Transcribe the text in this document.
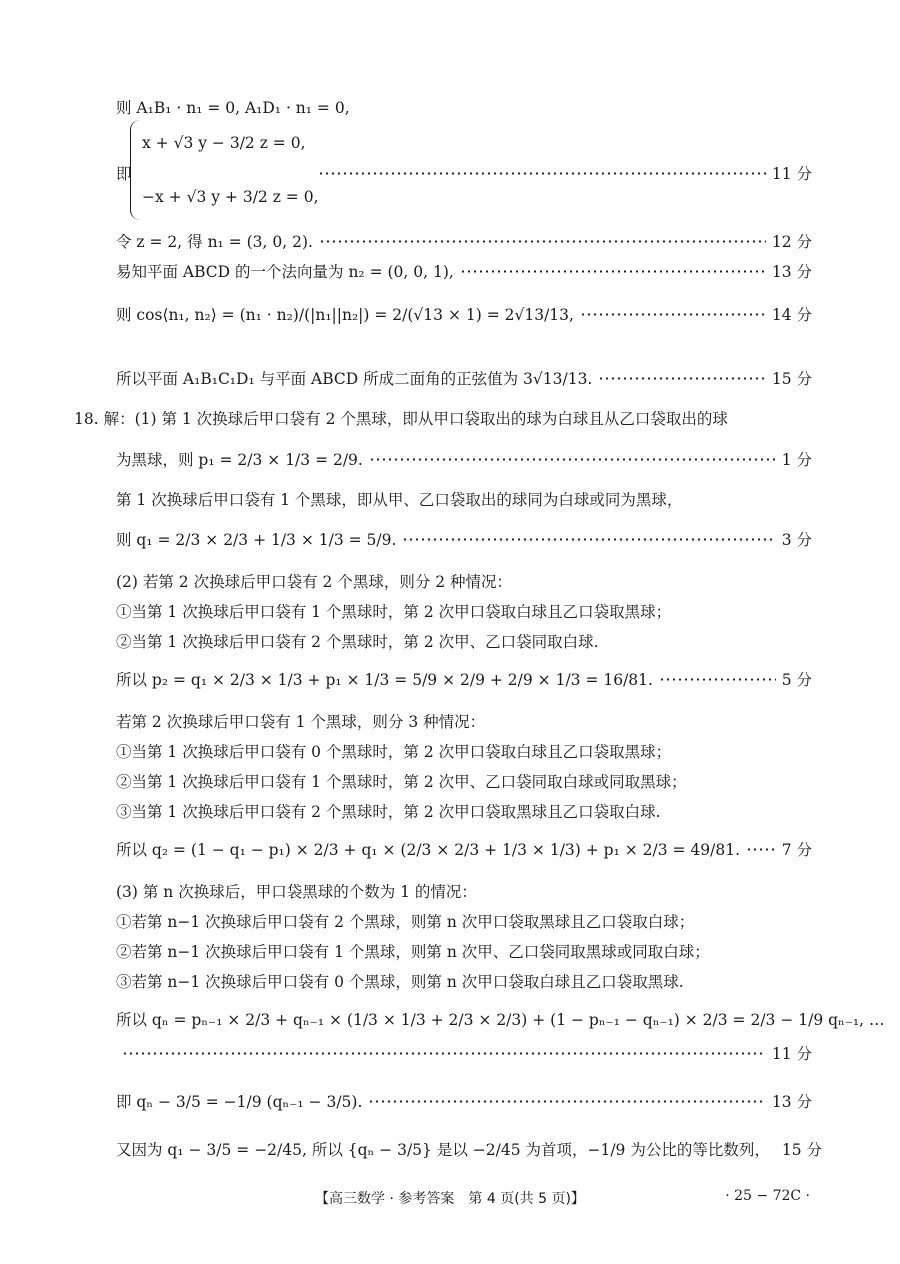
则 A₁B₁ · n₁ = 0, A₁D₁ · n₁ = 0,
即
x + √3 y − 3/2 z = 0,
−x + √3 y + 3/2 z = 0,
11 分
令 z = 2, 得 n₁ = (3, 0, 2).	12 分
易知平面 ABCD 的一个法向量为 n₂ = (0, 0, 1),	13 分
则 cos⟨n₁, n₂⟩ = (n₁ · n₂)/(|n₁||n₂|) = 2/(√13 × 1) = 2√13/13,	14 分
所以平面 A₁B₁C₁D₁ 与平面 ABCD 所成二面角的正弦值为 3√13/13.	15 分
18. 解：(1) 第 1 次换球后甲口袋有 2 个黑球，即从甲口袋取出的球为白球且从乙口袋取出的球
为黑球，则 p₁ = 2/3 × 1/3 = 2/9.	1 分
第 1 次换球后甲口袋有 1 个黑球，即从甲、乙口袋取出的球同为白球或同为黑球，
则 q₁ = 2/3 × 2/3 + 1/3 × 1/3 = 5/9.	3 分
(2) 若第 2 次换球后甲口袋有 2 个黑球，则分 2 种情况：
①当第 1 次换球后甲口袋有 1 个黑球时，第 2 次甲口袋取白球且乙口袋取黑球；
②当第 1 次换球后甲口袋有 2 个黑球时，第 2 次甲、乙口袋同取白球.
所以 p₂ = q₁ × 2/3 × 1/3 + p₁ × 1/3 = 5/9 × 2/9 + 2/9 × 1/3 = 16/81.	5 分
若第 2 次换球后甲口袋有 1 个黑球，则分 3 种情况：
①当第 1 次换球后甲口袋有 0 个黑球时，第 2 次甲口袋取白球且乙口袋取黑球；
②当第 1 次换球后甲口袋有 1 个黑球时，第 2 次甲、乙口袋同取白球或同取黑球；
③当第 1 次换球后甲口袋有 2 个黑球时，第 2 次甲口袋取黑球且乙口袋取白球.
所以 q₂ = (1 − q₁ − p₁) × 2/3 + q₁ × (2/3 × 2/3 + 1/3 × 1/3) + p₁ × 2/3 = 49/81.	7 分
(3) 第 n 次换球后，甲口袋黑球的个数为 1 的情况：
①若第 n−1 次换球后甲口袋有 2 个黑球，则第 n 次甲口袋取黑球且乙口袋取白球；
②若第 n−1 次换球后甲口袋有 1 个黑球，则第 n 次甲、乙口袋同取黑球或同取白球；
③若第 n−1 次换球后甲口袋有 0 个黑球，则第 n 次甲口袋取白球且乙口袋取黑球.
所以 qₙ = pₙ₋₁ × 2/3 + qₙ₋₁ × (1/3 × 1/3 + 2/3 × 2/3) + (1 − pₙ₋₁ − qₙ₋₁) × 2/3 = 2/3 − 1/9 qₙ₋₁, …
11 分
即 qₙ − 3/5 = −1/9 (qₙ₋₁ − 3/5).	13 分
又因为 q₁ − 3/5 = −2/45, 所以 {qₙ − 3/5} 是以 −2/45 为首项，−1/9 为公比的等比数列， 15 分
【高三数学 · 参考答案　第 4 页(共 5 页)】	· 25 − 72C ·
